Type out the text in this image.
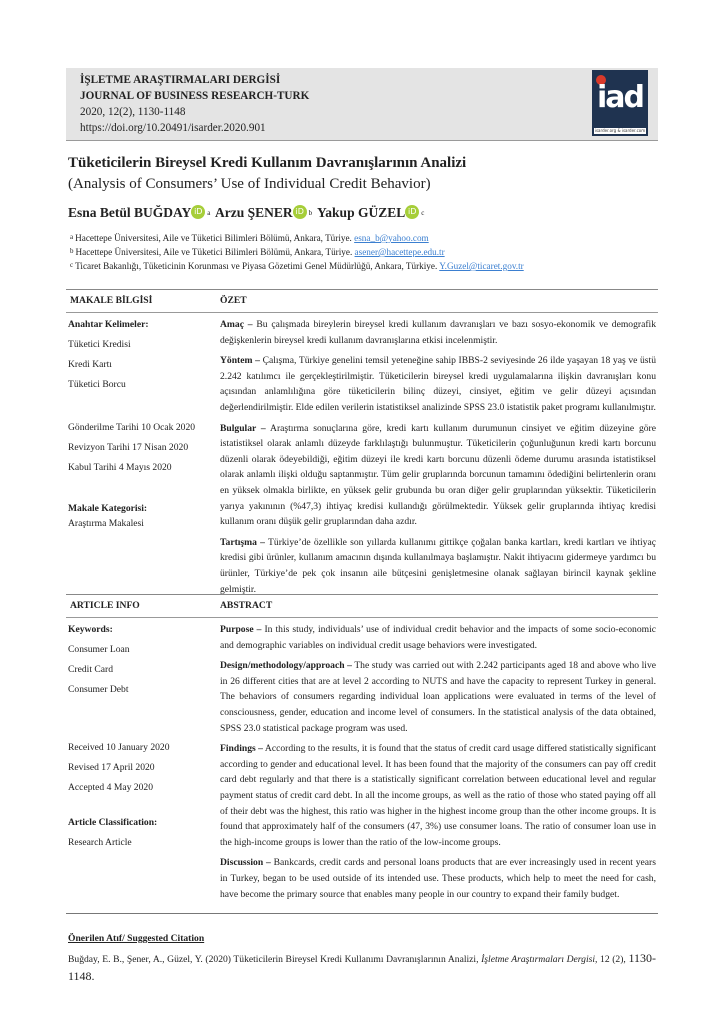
İŞLETME ARAŞTIRMALARI DERGİSİ
JOURNAL OF BUSINESS RESEARCH-TURK
2020, 12(2), 1130-1148
https://doi.org/10.20491/isarder.2020.901
iad
isarder.org & isarder.com
Tüketicilerin Bireysel Kredi Kullanım Davranışlarının Analizi
(Analysis of Consumers’ Use of Individual Credit Behavior)
Esna Betül BUĞDAY iD $^a$ Arzu ŞENER iD $^b$ Yakup GÜZEL iD $^c$
$^a$ Hacettepe Üniversitesi, Aile ve Tüketici Bilimleri Bölümü, Ankara, Türiye. esna_b@yahoo.com
$^b$ Hacettepe Üniversitesi, Aile ve Tüketici Bilimleri Bölümü, Ankara, Türiye. asener@hacettepe.edu.tr
$^c$ Ticaret Bakanlığı, Tüketicinin Korunması ve Piyasa Gözetimi Genel Müdürlüğü, Ankara, Türkiye. Y.Guzel@ticaret.gov.tr
MAKALE BİLGİSİ	ÖZET
Anahtar Kelimeler:
Tüketici Kredisi
Kredi Kartı
Tüketici Borcu
Gönderilme Tarihi 10 Ocak 2020
Revizyon Tarihi 17 Nisan 2020
Kabul Tarihi 4 Mayıs 2020
Makale Kategorisi:
Araştırma Makalesi

Amaç – Bu çalışmada bireylerin bireysel kredi kullanım davranışları ve bazı sosyo-ekonomik ve demografik değişkenlerin bireysel kredi kullanım davranışlarına etkisi incelenmiştir.

Yöntem – Çalışma, Türkiye genelini temsil yeteneğine sahip IBBS-2 seviyesinde 26 ilde yaşayan 18 yaş ve üstü 2.242 katılımcı ile gerçekleştirilmiştir. Tüketicilerin bireysel kredi uygulamalarına ilişkin davranışları konu açısından anlamlılığına göre tüketicilerin bilinç düzeyi, cinsiyet, eğitim ve gelir düzeyi açısından değerlendirilmiştir. Elde edilen verilerin istatistiksel analizinde SPSS 23.0 istatistik paket programı kullanılmıştır.

Bulgular – Araştırma sonuçlarına göre, kredi kartı kullanım durumunun cinsiyet ve eğitim düzeyine göre istatistiksel olarak anlamlı düzeyde farklılaştığı bulunmuştur. Tüketicilerin çoğunluğunun kredi kartı borcunu düzenli olarak ödeyebildiği, eğitim düzeyi ile kredi kartı borcunu düzenli ödeme durumu arasında istatistiksel olarak anlamlı ilişki olduğu saptanmıştır. Tüm gelir gruplarında borcunun tamamını ödediğini belirtenlerin oranı en yüksek olmakla birlikte, en yüksek gelir grubunda bu oran diğer gelir gruplarından yüksektir. Tüketicilerin yarıya yakınının (%47,3) ihtiyaç kredisi kullandığı görülmektedir. Yüksek gelir gruplarında ihtiyaç kredisi kullanım oranı düşük gelir gruplarından daha azdır.

Tartışma – Türkiye’de özellikle son yıllarda kullanımı gittikçe çoğalan banka kartları, kredi kartları ve ihtiyaç kredisi gibi ürünler, kullanım amacının dışında kullanılmaya başlamıştır. Nakit ihtiyacını gidermeye yardımcı bu ürünler, Türkiye’de pek çok insanın aile bütçesini genişletmesine olanak sağlayan birincil kaynak şekline gelmiştir.

ARTICLE INFO	ABSTRACT
Keywords:
Consumer Loan
Credit Card
Consumer Debt
Received 10 January 2020
Revised 17 April 2020
Accepted 4 May 2020
Article Classification:
Research Article

Purpose – In this study, individuals’ use of individual credit behavior and the impacts of some socio-economic and demographic variables on individual credit usage behaviors were investigated.

Design/methodology/approach – The study was carried out with 2.242 participants aged 18 and above who live in 26 different cities that are at level 2 according to NUTS and have the capacity to represent Turkey in general. The behaviors of consumers regarding individual loan applications were evaluated in terms of the level of consciousness, gender, education and income level of consumers. In the statistical analysis of the data obtained, SPSS 23.0 statistical package program was used.

Findings – According to the results, it is found that the status of credit card usage differed statistically significant according to gender and educational level. It has been found that the majority of the consumers can pay off credit card debt regularly and that there is a statistically significant correlation between educational level and regular payment status of credit card debt. In all the income groups, as well as the ratio of those who stated paying off all of their debt was the highest, this ratio was higher in the highest income group than the other income groups. It is found that approximately half of the consumers (47, 3%) use consumer loans. The ratio of consumer loan use in the high-income groups is lower than the ratio of the low-income groups.

Discussion – Bankcards, credit cards and personal loans products that are ever increasingly used in recent years in Turkey, began to be used outside of its intended use. These products, which help to meet the need for cash, have become the primary source that enables many people in our country to expand their family budget.

Önerilen Atıf/ Suggested Citation
Buğday, E. B., Şener, A., Güzel, Y. (2020) Tüketicilerin Bireysel Kredi Kullanımı Davranışlarının Analizi, İşletme Araştırmaları Dergisi, 12 (2), 1130-1148.
